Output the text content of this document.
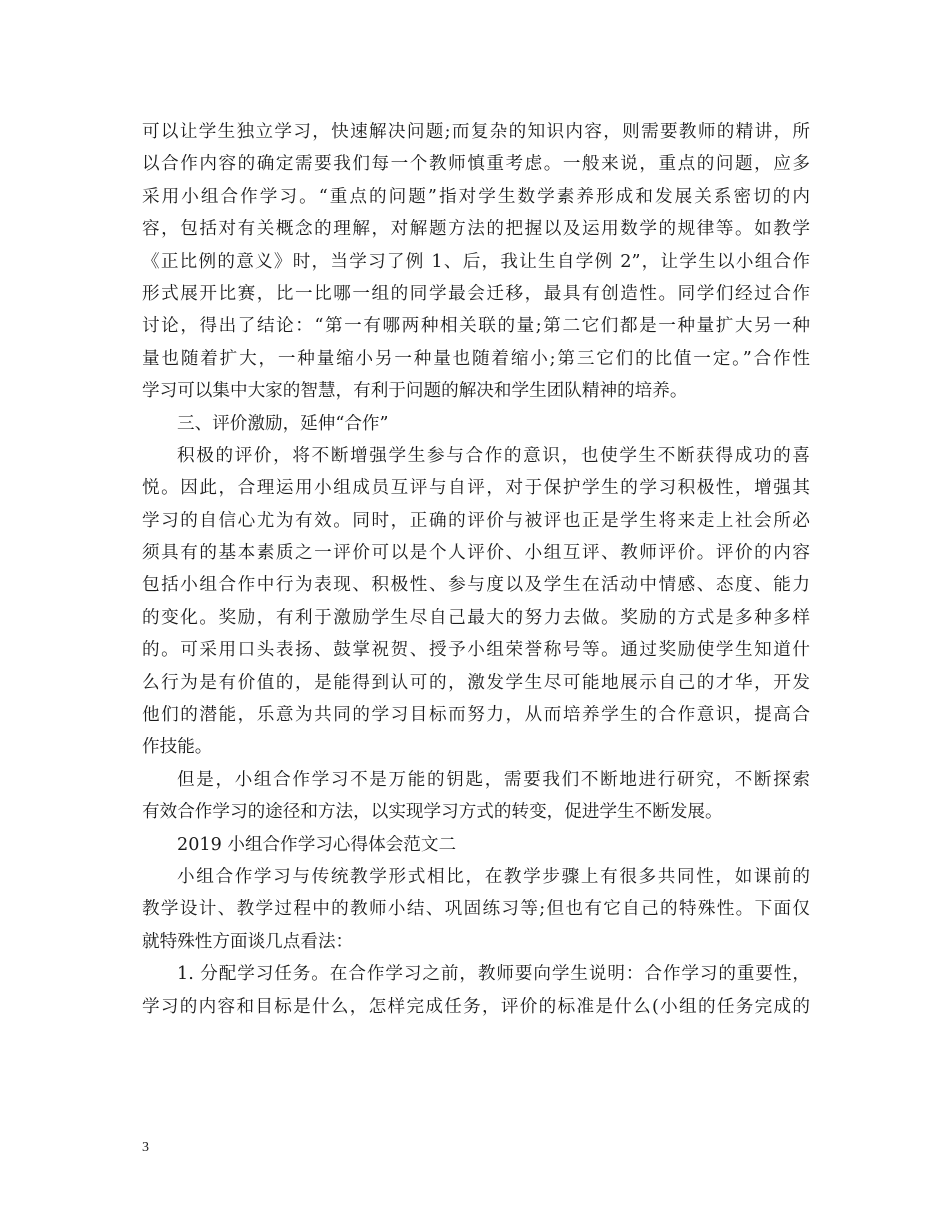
可以让学生独立学习，快速解决问题;而复杂的知识内容，则需要教师的精讲，所
以合作内容的确定需要我们每一个教师慎重考虑。一般来说，重点的问题，应多
采用小组合作学习。“重点的问题”指对学生数学素养形成和发展关系密切的内
容，包括对有关概念的理解，对解题方法的把握以及运用数学的规律等。如教学
《正比例的意义》时，当学习了例 1、后，我让生自学例 2”，让学生以小组合作
形式展开比赛，比一比哪一组的同学最会迁移，最具有创造性。同学们经过合作
讨论，得出了结论：“第一有哪两种相关联的量;第二它们都是一种量扩大另一种
量也随着扩大，一种量缩小另一种量也随着缩小;第三它们的比值一定。”合作性
学习可以集中大家的智慧，有利于问题的解决和学生团队精神的培养。
三、评价激励，延伸“合作”
积极的评价，将不断增强学生参与合作的意识，也使学生不断获得成功的喜
悦。因此，合理运用小组成员互评与自评，对于保护学生的学习积极性，增强其
学习的自信心尤为有效。同时，正确的评价与被评也正是学生将来走上社会所必
须具有的基本素质之一评价可以是个人评价、小组互评、教师评价。评价的内容
包括小组合作中行为表现、积极性、参与度以及学生在活动中情感、态度、能力
的变化。奖励，有利于激励学生尽自己最大的努力去做。奖励的方式是多种多样
的。可采用口头表扬、鼓掌祝贺、授予小组荣誉称号等。通过奖励使学生知道什
么行为是有价值的，是能得到认可的，激发学生尽可能地展示自己的才华，开发
他们的潜能，乐意为共同的学习目标而努力，从而培养学生的合作意识，提高合
作技能。
但是，小组合作学习不是万能的钥匙，需要我们不断地进行研究，不断探索
有效合作学习的途径和方法，以实现学习方式的转变，促进学生不断发展。
2019 小组合作学习心得体会范文二
小组合作学习与传统教学形式相比，在教学步骤上有很多共同性，如课前的
教学设计、教学过程中的教师小结、巩固练习等;但也有它自己的特殊性。下面仅
就特殊性方面谈几点看法：
1. 分配学习任务。在合作学习之前，教师要向学生说明：合作学习的重要性，
学习的内容和目标是什么，怎样完成任务，评价的标准是什么(小组的任务完成的
3
